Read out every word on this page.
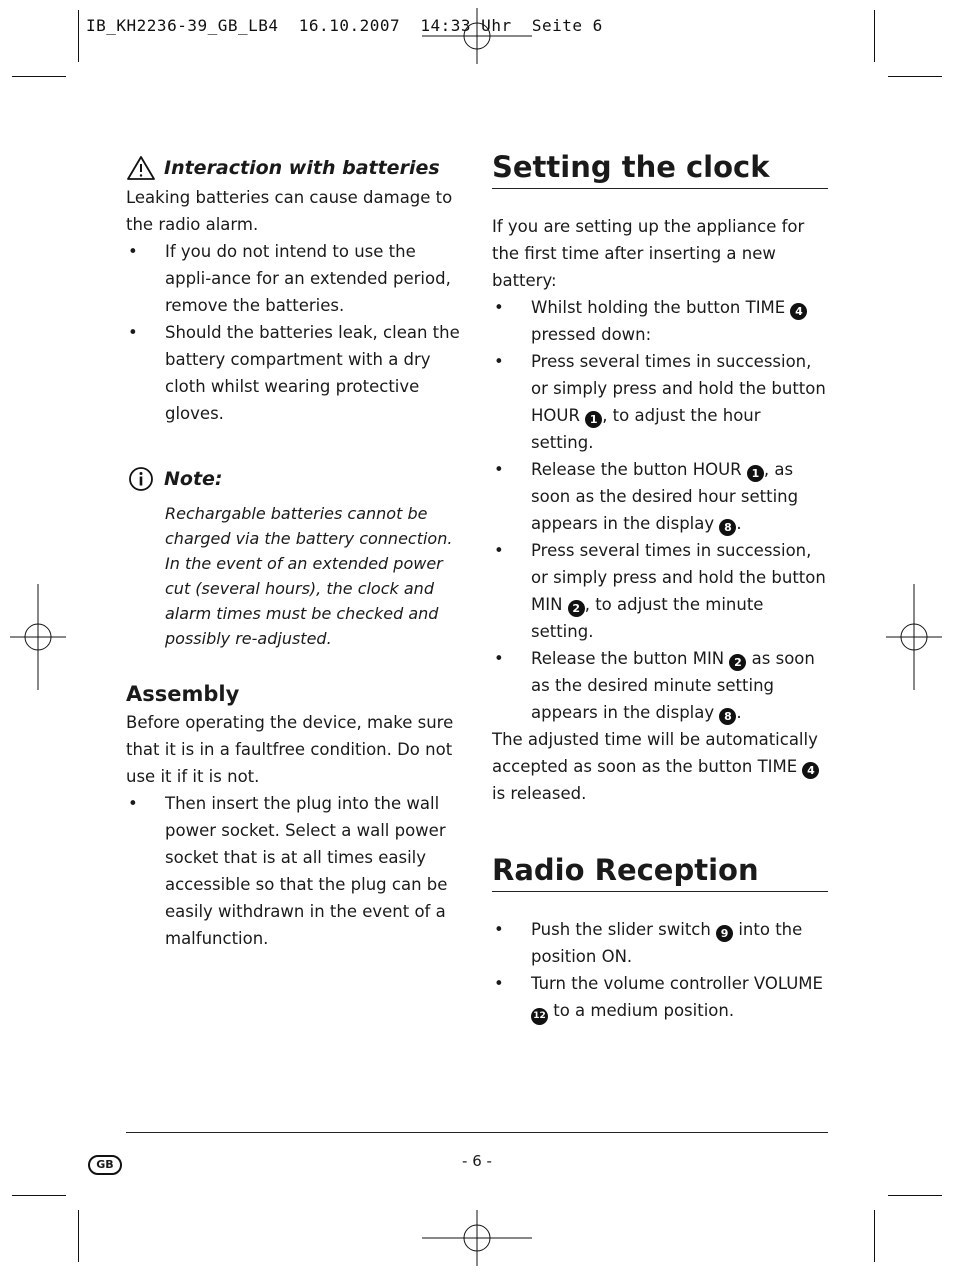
IB_KH2236-39_GB_LB4  16.10.2007  14:33 Uhr  Seite 6
Interaction with batteries
Leaking batteries can cause damage to the radio alarm.
• If you do not intend to use the appli-ance for an extended period, remove the batteries.
• Should the batteries leak, clean the battery compartment with a dry cloth whilst wearing protective gloves.
Note:
Rechargable batteries cannot be charged via the battery connection. In the event of an extended power cut (several hours), the clock and alarm times must be checked and possibly re-adjusted.
Assembly
Before operating the device, make sure that it is in a faultfree condition. Do not use it if it is not.
• Then insert the plug into the wall power socket. Select a wall power socket that is at all times easily accessible so that the plug can be easily withdrawn in the event of a malfunction.
Setting the clock
If you are setting up the appliance for the first time after inserting a new battery:
• Whilst holding the button TIME 4
pressed down:
• Press several times in succession, or simply press and hold the button HOUR 1 , to adjust the hour setting.
• Release the button HOUR 1 , as soon as the desired hour setting appears in the display 8 .
• Press several times in succession, or simply press and hold the button MIN 2 , to adjust the minute setting.
• Release the button MIN 2 as soon as the desired minute setting appears in the display 8 .
The adjusted time will be automatically accepted as soon as the button TIME 4
is released.
Radio Reception
• Push the slider switch 9 into the position ON.
• Turn the volume controller VOLUME 12 to a medium position.
GB	- 6 -
